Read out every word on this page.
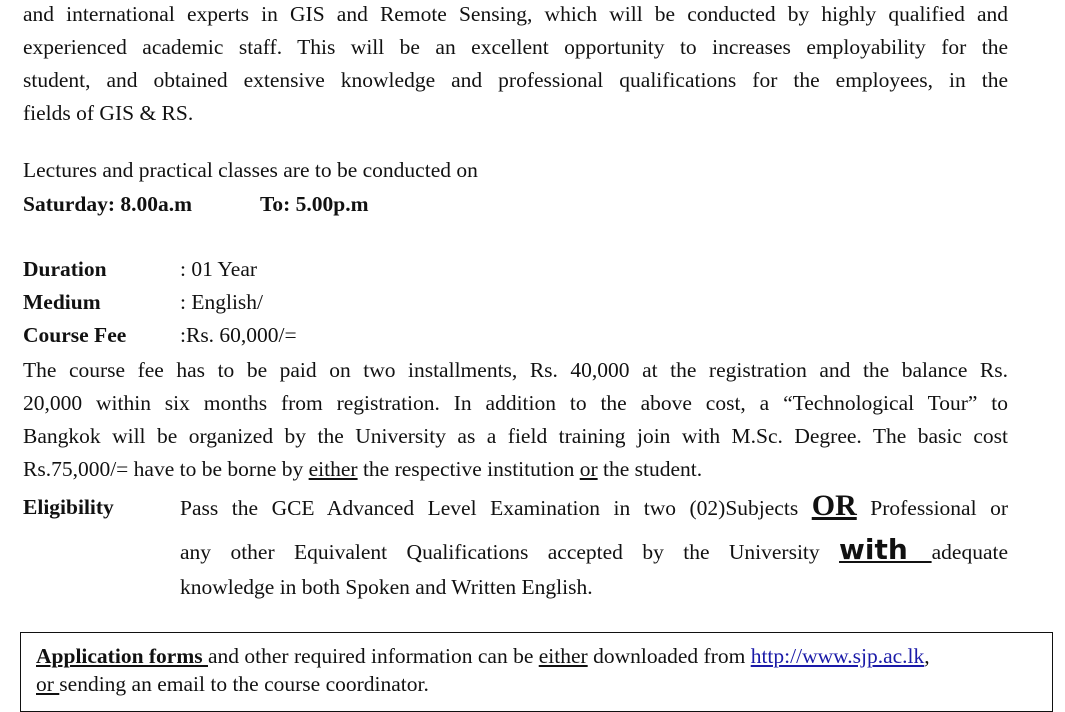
and international experts in GIS and Remote Sensing, which will be conducted by highly qualified and
experienced academic staff. This will be an excellent opportunity to increases employability for the
student, and obtained extensive knowledge and professional qualifications for the employees, in the
fields of GIS & RS.
Lectures and practical classes are to be conducted on
Saturday: 8.00a.m	To: 5.00p.m
Duration	: 01 Year
Medium	: English/
Course Fee :Rs. 60,000/=
The course fee has to be paid on two installments, Rs. 40,000 at the registration and the balance Rs.
20,000 within six months from registration. In addition to the above cost, a “Technological Tour” to
Bangkok will be organized by the University as a field training join with M.Sc. Degree. The basic cost
Rs.75,000/= have to be borne by either the respective institution or the student.
Eligibility	Pass the GCE Advanced Level Examination in two (02)Subjects OR Professional or
any other Equivalent Qualifications accepted by the University with adequate
knowledge in both Spoken and Written English.
Application forms and other required information can be either downloaded from http://www.sjp.ac.lk,
or sending an email to the course coordinator.
